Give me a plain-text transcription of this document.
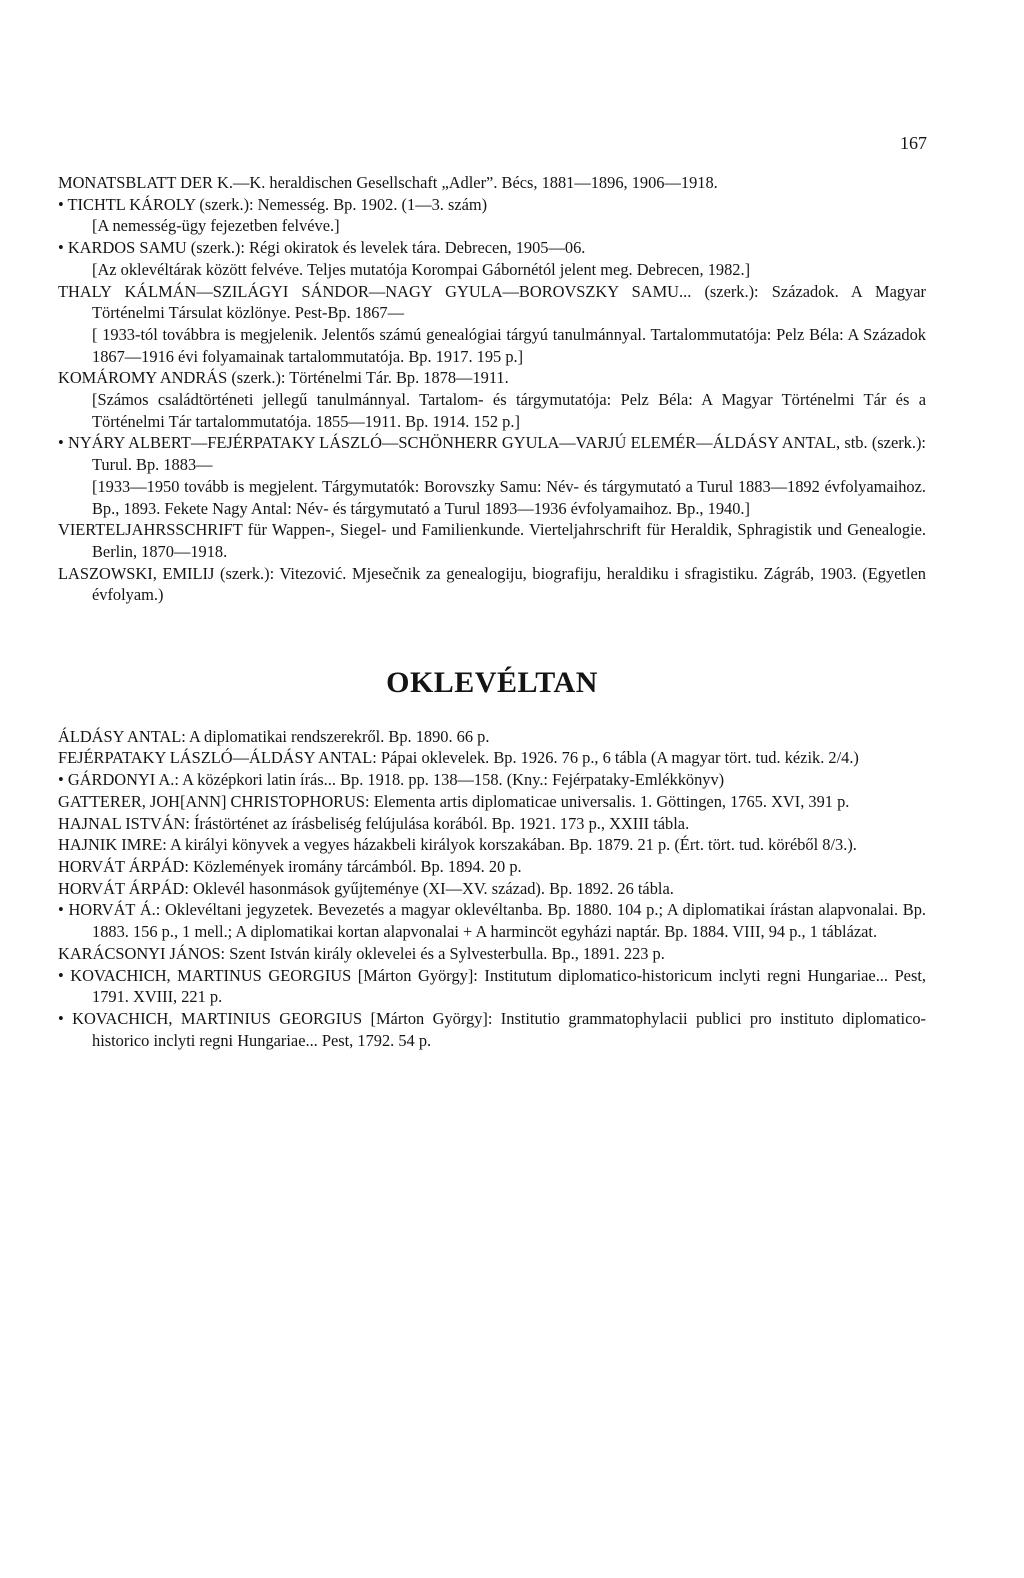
167

MONATSBLATT DER K.—K. heraldischen Gesellschaft „Adler”. Bécs, 1881—1896, 1906—1918.

• TICHTL KÁROLY (szerk.): Nemesség. Bp. 1902. (1—3. szám)
[A nemesség-ügy fejezetben felvéve.]

• KARDOS SAMU (szerk.): Régi okiratok és levelek tára. Debrecen, 1905—06.
[Az oklevéltárak között felvéve. Teljes mutatója Korompai Gábornétól jelent meg. Debrecen, 1982.]

THALY KÁLMÁN—SZILÁGYI SÁNDOR—NAGY GYULA—BOROVSZKY SAMU... (szerk.): Századok. A Magyar Történelmi Társulat közlönye. Pest-Bp. 1867—
[ 1933-tól továbbra is megjelenik. Jelentős számú genealógiai tárgyú tanulmánnyal. Tartalommutatója: Pelz Béla: A Századok 1867—1916 évi folyamainak tartalommutatója. Bp. 1917. 195 p.]

KOMÁROMY ANDRÁS (szerk.): Történelmi Tár. Bp. 1878—1911.
[Számos családtörténeti jellegű tanulmánnyal. Tartalom- és tárgymutatója: Pelz Béla: A Magyar Történelmi Tár és a Történelmi Tár tartalommutatója. 1855—1911. Bp. 1914. 152 p.]

• NYÁRY ALBERT—FEJÉRPATAKY LÁSZLÓ—SCHÖNHERR GYULA—VARJÚ ELEMÉR—ÁLDÁSY ANTAL, stb. (szerk.): Turul. Bp. 1883—
[1933—1950 tovább is megjelent. Tárgymutatók: Borovszky Samu: Név- és tárgymutató a Turul 1883—1892 évfolyamaihoz. Bp., 1893. Fekete Nagy Antal: Név- és tárgymutató a Turul 1893—1936 évfolyamaihoz. Bp., 1940.]

VIERTELJAHRSSCHRIFT für Wappen-, Siegel- und Familienkunde. Vierteljahrschrift für Heraldik, Sphragistik und Genealogie. Berlin, 1870—1918.

LASZOWSKI, EMILIJ (szerk.): Vitezović. Mjesečnik za genealogiju, biografiju, heraldiku i sfragistiku. Zágráb, 1903. (Egyetlen évfolyam.)

OKLEVÉLTAN

ÁLDÁSY ANTAL: A diplomatikai rendszerekről. Bp. 1890. 66 p.

FEJÉRPATAKY LÁSZLÓ—ÁLDÁSY ANTAL: Pápai oklevelek. Bp. 1926. 76 p., 6 tábla (A magyar tört. tud. kézik. 2/4.)

• GÁRDONYI A.: A középkori latin írás... Bp. 1918. pp. 138—158. (Kny.: Fejérpataky-Emlékkönyv)

GATTERER, JOH[ANN] CHRISTOPHORUS: Elementa artis diplomaticae universalis. 1. Göttingen, 1765. XVI, 391 p.

HAJNAL ISTVÁN: Írástörténet az írásbeliség felújulása korából. Bp. 1921. 173 p., XXIII tábla.

HAJNIK IMRE: A királyi könyvek a vegyes házakbeli királyok korszakában. Bp. 1879. 21 p. (Ért. tört. tud. köréből 8/3.).

HORVÁT ÁRPÁD: Közlemények iromány tárcámból. Bp. 1894. 20 p.

HORVÁT ÁRPÁD: Oklevél hasonmások gyűjteménye (XI—XV. század). Bp. 1892. 26 tábla.

• HORVÁT Á.: Oklevéltani jegyzetek. Bevezetés a magyar oklevéltanba. Bp. 1880. 104 p.; A diplomatikai írástan alapvonalai. Bp. 1883. 156 p., 1 mell.; A diplomatikai kortan alapvonalai + A harmincöt egyházi naptár. Bp. 1884. VIII, 94 p., 1 táblázat.

KARÁCSONYI JÁNOS: Szent István király oklevelei és a Sylvesterbulla. Bp., 1891. 223 p.

• KOVACHICH, MARTINUS GEORGIUS [Márton György]: Institutum diplomatico-historicum inclyti regni Hungariae... Pest, 1791. XVIII, 221 p.

• KOVACHICH, MARTINIUS GEORGIUS [Márton György]: Institutio grammatophylacii publici pro instituto diplomatico-historico inclyti regni Hungariae... Pest, 1792. 54 p.
